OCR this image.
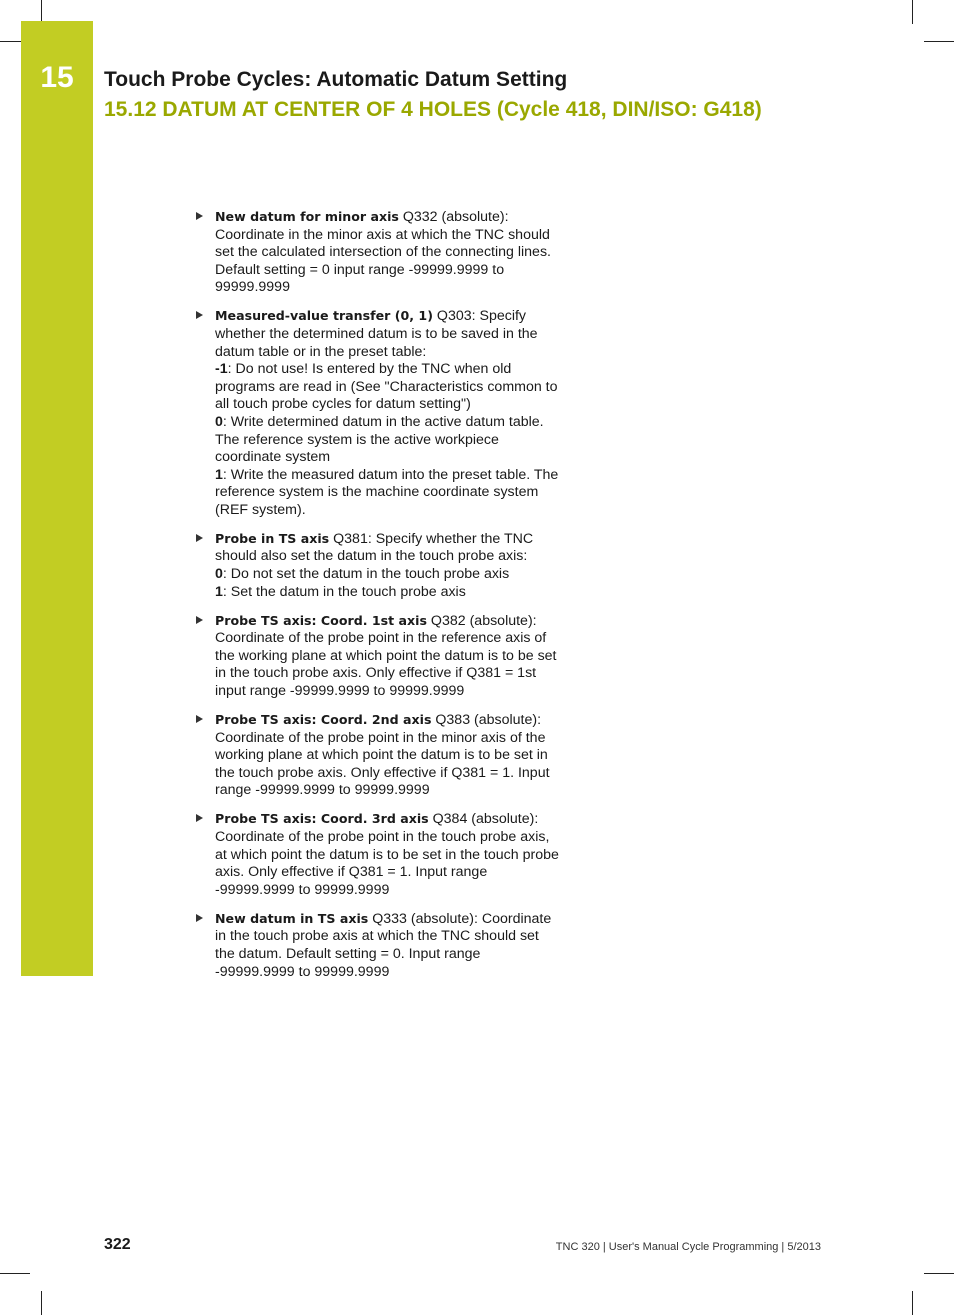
15	Touch Probe Cycles: Automatic Datum Setting
15.12 DATUM AT CENTER OF 4 HOLES (Cycle 418, DIN/ISO: G418)
New datum for minor axis Q332 (absolute): Coordinate in the minor axis at which the TNC should set the calculated intersection of the connecting lines. Default setting = 0 input range -99999.9999 to 99999.9999
Measured-value transfer (0, 1) Q303: Specify whether the determined datum is to be saved in the datum table or in the preset table:
-1: Do not use! Is entered by the TNC when old programs are read in (See "Characteristics common to all touch probe cycles for datum setting")
0: Write determined datum in the active datum table. The reference system is the active workpiece coordinate system
1: Write the measured datum into the preset table. The reference system is the machine coordinate system (REF system).
Probe in TS axis Q381: Specify whether the TNC should also set the datum in the touch probe axis:
0: Do not set the datum in the touch probe axis
1: Set the datum in the touch probe axis
Probe TS axis: Coord. 1st axis Q382 (absolute): Coordinate of the probe point in the reference axis of the working plane at which point the datum is to be set in the touch probe axis. Only effective if Q381 = 1st input range -99999.9999 to 99999.9999
Probe TS axis: Coord. 2nd axis Q383 (absolute): Coordinate of the probe point in the minor axis of the working plane at which point the datum is to be set in the touch probe axis. Only effective if Q381 = 1. Input range -99999.9999 to 99999.9999
Probe TS axis: Coord. 3rd axis Q384 (absolute): Coordinate of the probe point in the touch probe axis, at which point the datum is to be set in the touch probe axis. Only effective if Q381 = 1. Input range -99999.9999 to 99999.9999
New datum in TS axis Q333 (absolute): Coordinate in the touch probe axis at which the TNC should set the datum. Default setting = 0. Input range -99999.9999 to 99999.9999
322	TNC 320 | User's Manual Cycle Programming | 5/2013
